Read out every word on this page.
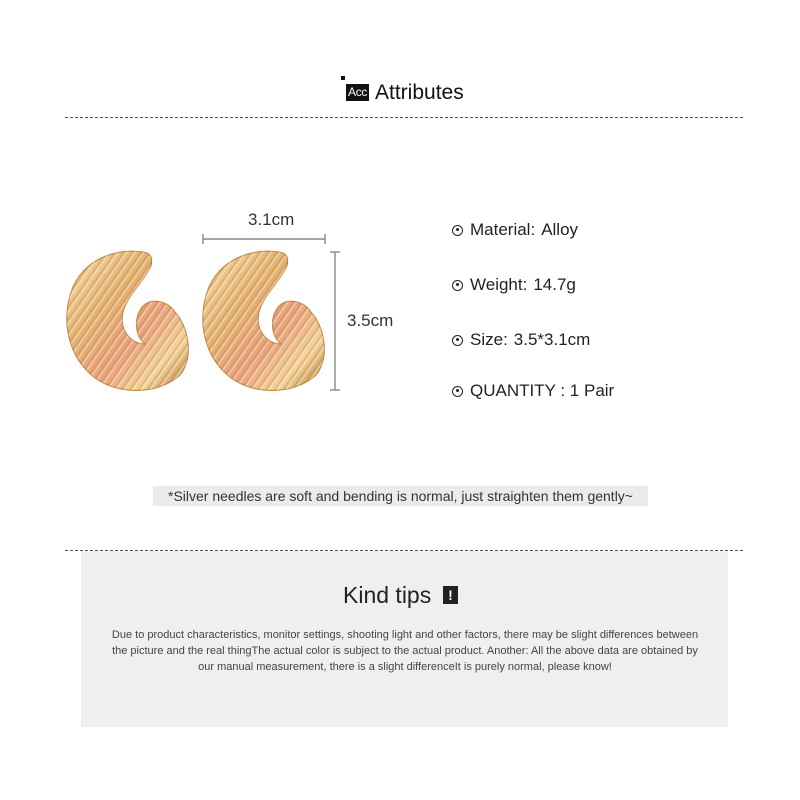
Acc Attributes
3.1cm
3.5cm
Material: Alloy
Weight: 14.7g
Size: 3.5*3.1cm
QUANTITY : 1 Pair
*Silver needles are soft and bending is normal, just straighten them gently~
Kind tips	!
Due to product characteristics, monitor settings, shooting light and other factors, there may be slight differences between the picture and the real thingThe actual color is subject to the actual product. Another: All the above data are obtained by our manual measurement, there is a slight differenceIt is purely normal, please know!
